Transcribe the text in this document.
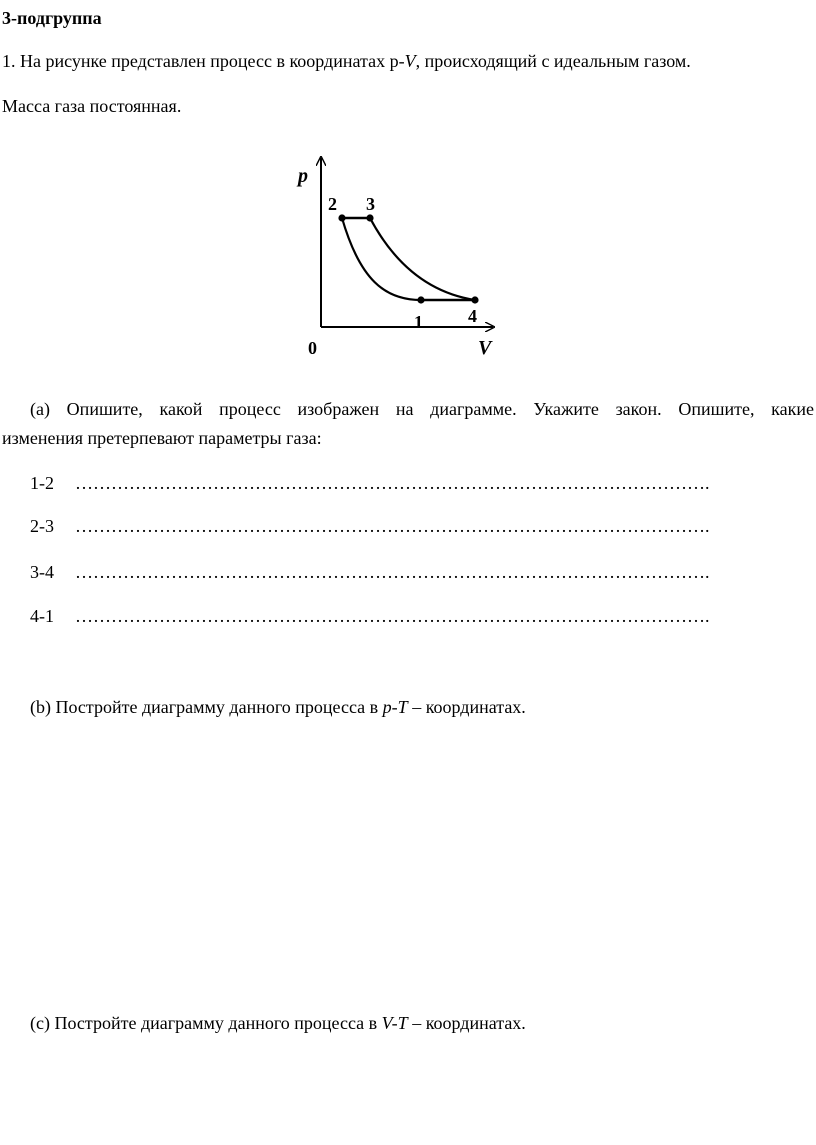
3-подгруппа
1. На рисунке представлен процесс в координатах p-V, происходящий с идеальным газом.
Масса газа постоянная.
p
V
0
1
2 3
4
(a) Опишите, какой процесс изображен на диаграмме. Укажите закон. Опишите, какие
изменения претерпевают параметры газа:
1-2 …………………………………………………………………………………………….
2-3 …………………………………………………………………………………………….
3-4 …………………………………………………………………………………………….
4-1 …………………………………………………………………………………………….
(b) Постройте диаграмму данного процесса в p-T – координатах.
(c) Постройте диаграмму данного процесса в V-T – координатах.
